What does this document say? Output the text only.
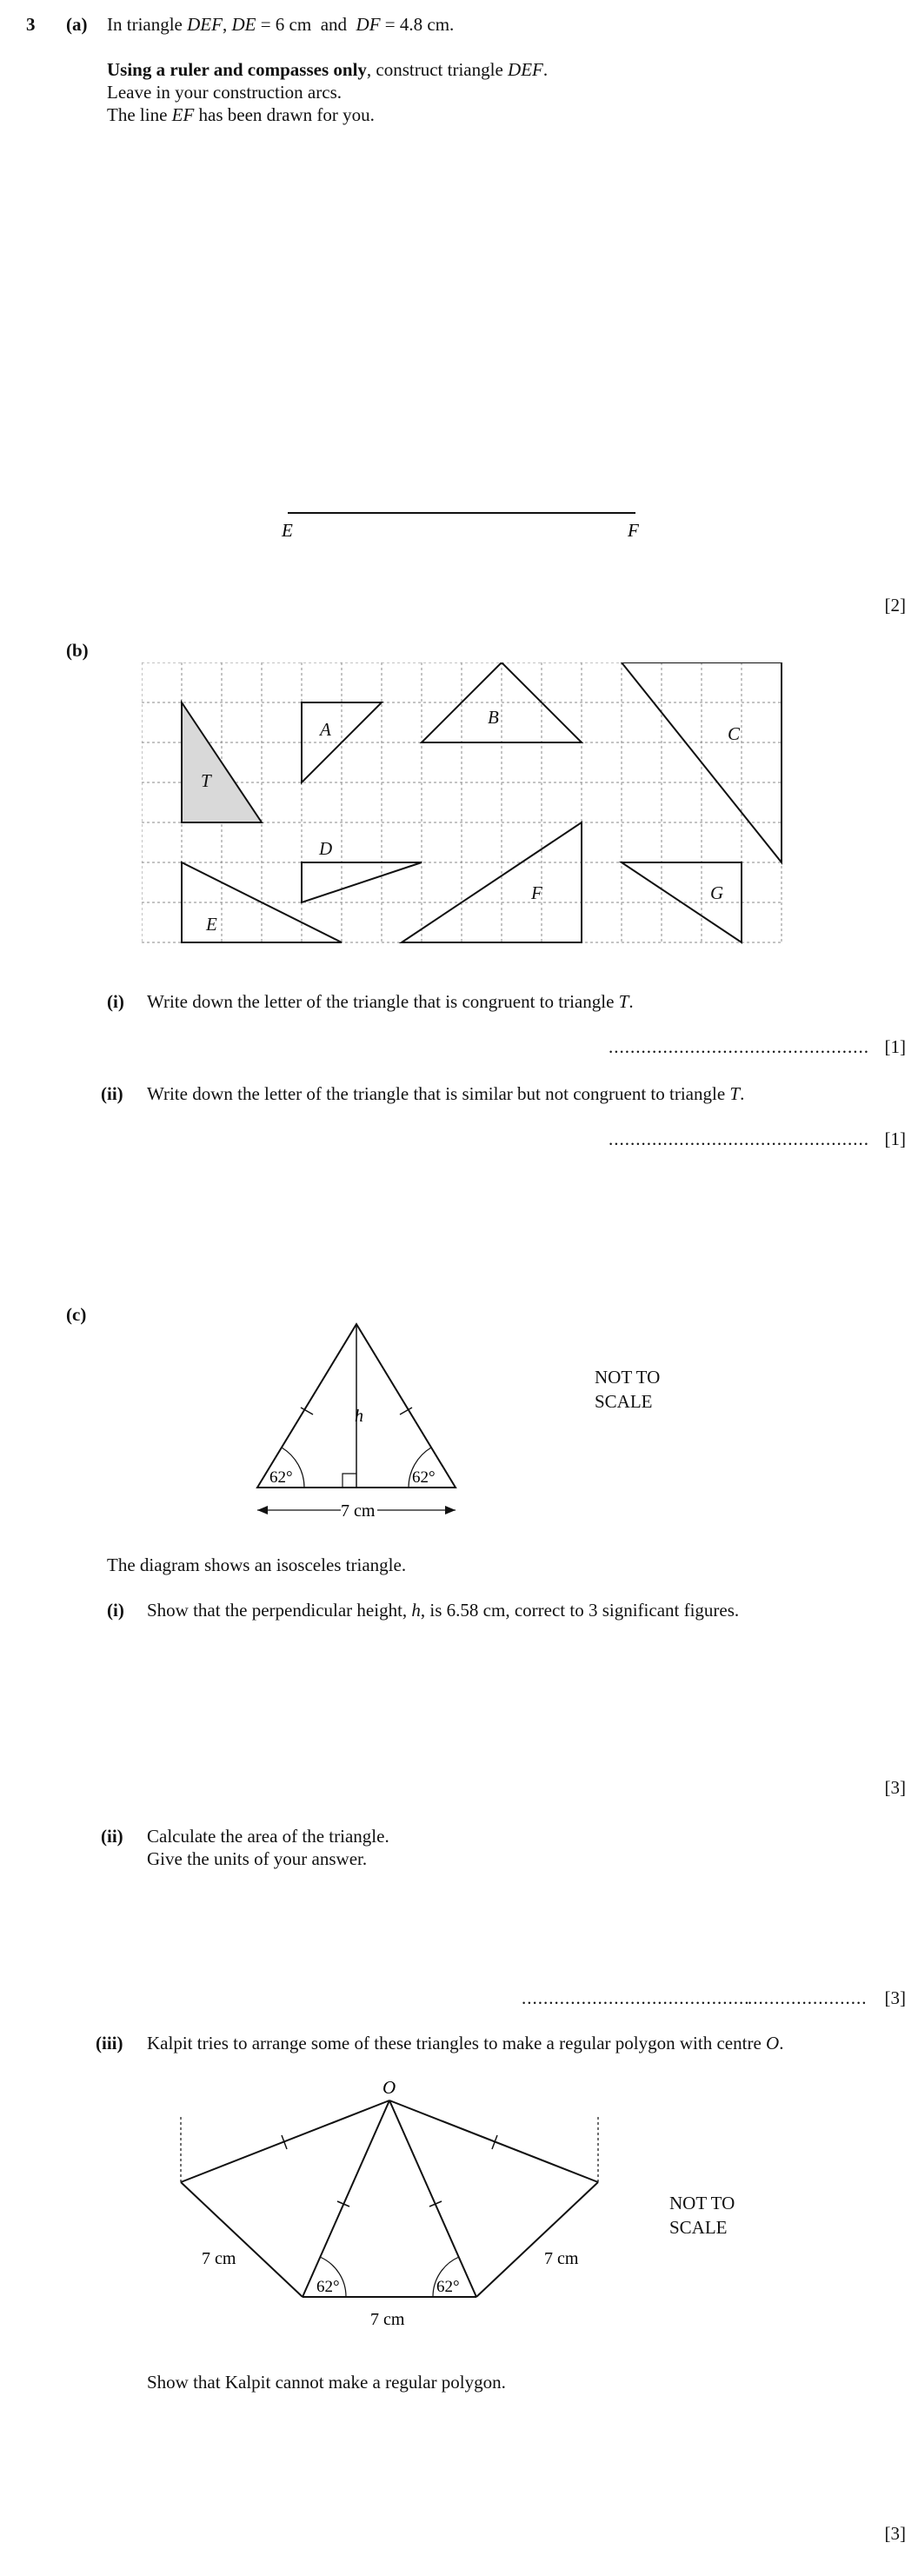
3 (a) In triangle DEF, DE = 6 cm  and  DF = 4.8 cm.
Using a ruler and compasses only, construct triangle DEF.
Leave in your construction arcs.
The line EF has been drawn for you.
E	F
[2]
(b)
T
A
B
C
D
E
F	G
(i) Write down the letter of the triangle that is congruent to triangle T.
................................................ [1]
(ii) Write down the letter of the triangle that is similar but not congruent to triangle T.
................................................ [1]
(c)
h
62°	62°
7 cm
NOT TO
SCALE
The diagram shows an isosceles triangle.
(i) Show that the perpendicular height, h, is 6.58 cm, correct to 3 significant figures.
[3]
(ii) Calculate the area of the triangle.
Give the units of your answer.
..........................................
...................... [3]
(iii) Kalpit tries to arrange some of these triangles to make a regular polygon with centre O.
O
7 cm	7 cm
7 cm
62°	62°
NOT TO
SCALE
Show that Kalpit cannot make a regular polygon.
[3]
